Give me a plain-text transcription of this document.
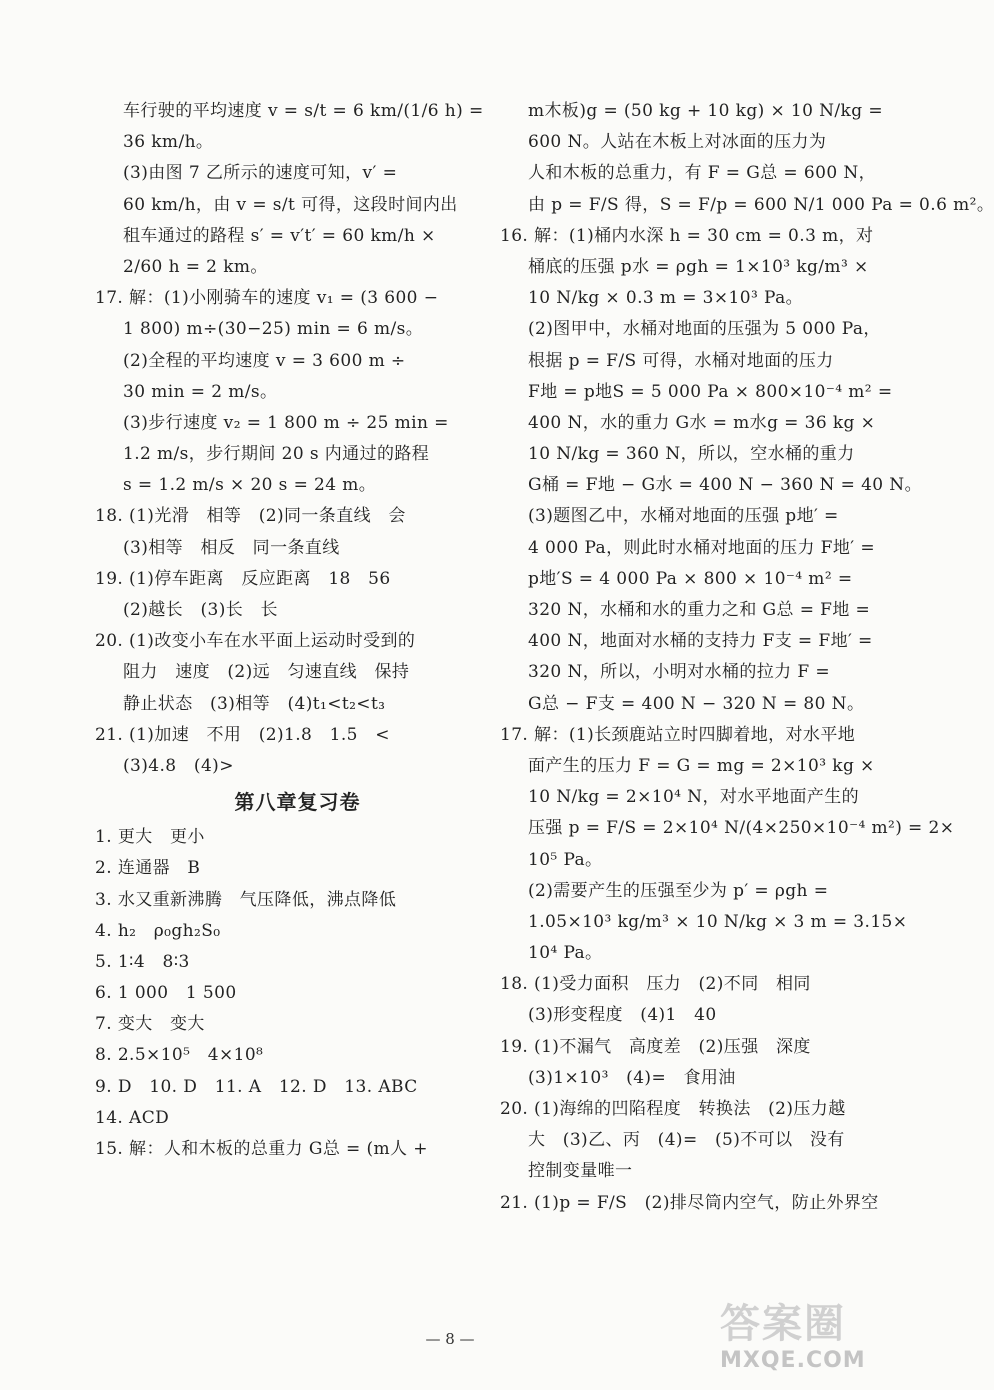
车行驶的平均速度 v = s/t = 6 km/(1/6 h) =
36 km/h。
(3)由图 7 乙所示的速度可知，v′ =
60 km/h，由 v = s/t 可得，这段时间内出
租车通过的路程 s′ = v′t′ = 60 km/h ×
2/60 h = 2 km。
17. 解：(1)小刚骑车的速度 v₁ = (3 600 −
1 800) m÷(30−25) min = 6 m/s。
(2)全程的平均速度 v = 3 600 m ÷
30 min = 2 m/s。
(3)步行速度 v₂ = 1 800 m ÷ 25 min =
1.2 m/s，步行期间 20 s 内通过的路程
s = 1.2 m/s × 20 s = 24 m。
18. (1)光滑　相等　(2)同一条直线　会
(3)相等　相反　同一条直线
19. (1)停车距离　反应距离　18　56
(2)越长　(3)长　长
20. (1)改变小车在水平面上运动时受到的
阻力　速度　(2)远　匀速直线　保持
静止状态　(3)相等　(4)t₁<t₂<t₃
21. (1)加速　不用　(2)1.8　1.5　<
(3)4.8　(4)>
第八章复习卷
1. 更大　更小
2. 连通器　B
3. 水又重新沸腾　气压降低，沸点降低
4. h₂　ρ₀gh₂S₀
5. 1∶4　8∶3
6. 1 000　1 500
7. 变大　变大
8. 2.5×10⁵　4×10⁸
9. D　10. D　11. A　12. D　13. ABC
14. ACD
15. 解：人和木板的总重力 G总 = (m人 +
m木板)g = (50 kg + 10 kg) × 10 N/kg =
600 N。人站在木板上对冰面的压力为
人和木板的总重力，有 F = G总 = 600 N，
由 p = F/S 得，S = F/p = 600 N/1 000 Pa = 0.6 m²。
16. 解：(1)桶内水深 h = 30 cm = 0.3 m，对
桶底的压强 p水 = ρgh = 1×10³ kg/m³ ×
10 N/kg × 0.3 m = 3×10³ Pa。
(2)图甲中，水桶对地面的压强为 5 000 Pa，
根据 p = F/S 可得，水桶对地面的压力
F地 = p地S = 5 000 Pa × 800×10⁻⁴ m² =
400 N，水的重力 G水 = m水g = 36 kg ×
10 N/kg = 360 N，所以，空水桶的重力
G桶 = F地 − G水 = 400 N − 360 N = 40 N。
(3)题图乙中，水桶对地面的压强 p地′ =
4 000 Pa，则此时水桶对地面的压力 F地′ =
p地′S = 4 000 Pa × 800 × 10⁻⁴ m² =
320 N，水桶和水的重力之和 G总 = F地 =
400 N，地面对水桶的支持力 F支 = F地′ =
320 N，所以，小明对水桶的拉力 F =
G总 − F支 = 400 N − 320 N = 80 N。
17. 解：(1)长颈鹿站立时四脚着地，对水平地
面产生的压力 F = G = mg = 2×10³ kg ×
10 N/kg = 2×10⁴ N，对水平地面产生的
压强 p = F/S = 2×10⁴ N/(4×250×10⁻⁴ m²) = 2×
10⁵ Pa。
(2)需要产生的压强至少为 p′ = ρgh =
1.05×10³ kg/m³ × 10 N/kg × 3 m = 3.15×
10⁴ Pa。
18. (1)受力面积　压力　(2)不同　相同
(3)形变程度　(4)1　40
19. (1)不漏气　高度差　(2)压强　深度
(3)1×10³　(4)=　食用油
20. (1)海绵的凹陷程度　转换法　(2)压力越
大　(3)乙、丙　(4)=　(5)不可以　没有
控制变量唯一
21. (1)p = F/S　(2)排尽筒内空气，防止外界空
— 8 —	答案圈
MXQE.COM
